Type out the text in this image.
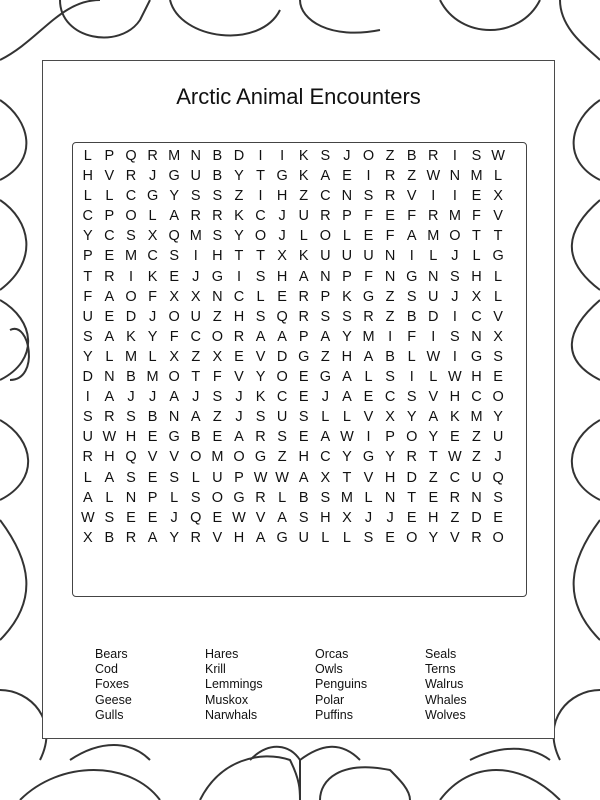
Arctic Animal Encounters
L P Q R M N B D I	I	K S J O Z B R I	S W
H V R J G U B Y T G K A E	I R Z W N M L
L L C G Y S S Z	I H Z C N S R V	I	I	E X
C P O L A R R K C J U R P F E F R M F V
Y C S X Q M S Y O J L O L E F A M O T T
P E M C S	I H T T X K U U U N I	L J L G
T R I	K E J G I	S H A N P F N G N S H L
F A O F X X N C L E R P K G Z S U J X L
U E D J O U Z H S Q R S S R Z B D I C V
S A K Y F C O R A A P A Y M I	F	I	S N X
Y L M L X Z X E V D G Z H A B L W I G S
D N B M O T F V Y O E G A L S	I	L W H E
I	A J J A J S J K C E J A E C S V H C O
S R S B N A Z J S U S L L V X Y A K M Y
U W H E G B E A R S E A W I	P O Y E Z U
R H Q V V O M O G Z H C Y G Y R T W Z J
L A S E S L U P W W A X T V H D Z C U Q
A L N P L S O G R L B S M L N T E R N S
W S E E J Q E W V A S H X J J E H Z D E
X B R A Y R V H A G U L L S E O Y V R O
Bears
Cod
Foxes
Geese
Gulls
Hares
Krill
Lemmings
Muskox
Narwhals
Orcas
Owls
Penguins
Polar
Puffins
Seals
Terns
Walrus
Whales
Wolves
